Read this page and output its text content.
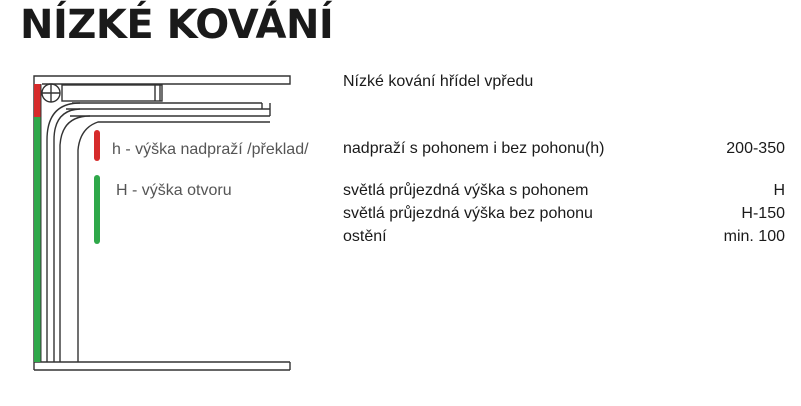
NÍZKÉ KOVÁNÍ
h - výška nadpraží /překlad/
H - výška otvoru
Nízké kování hřídel vpředu
nadpraží s pohonem i bez pohonu(h)	200-350
světlá průjezdná výška s pohonem	H
světlá průjezdná výška bez pohonu	H-150
ostění	min. 100
